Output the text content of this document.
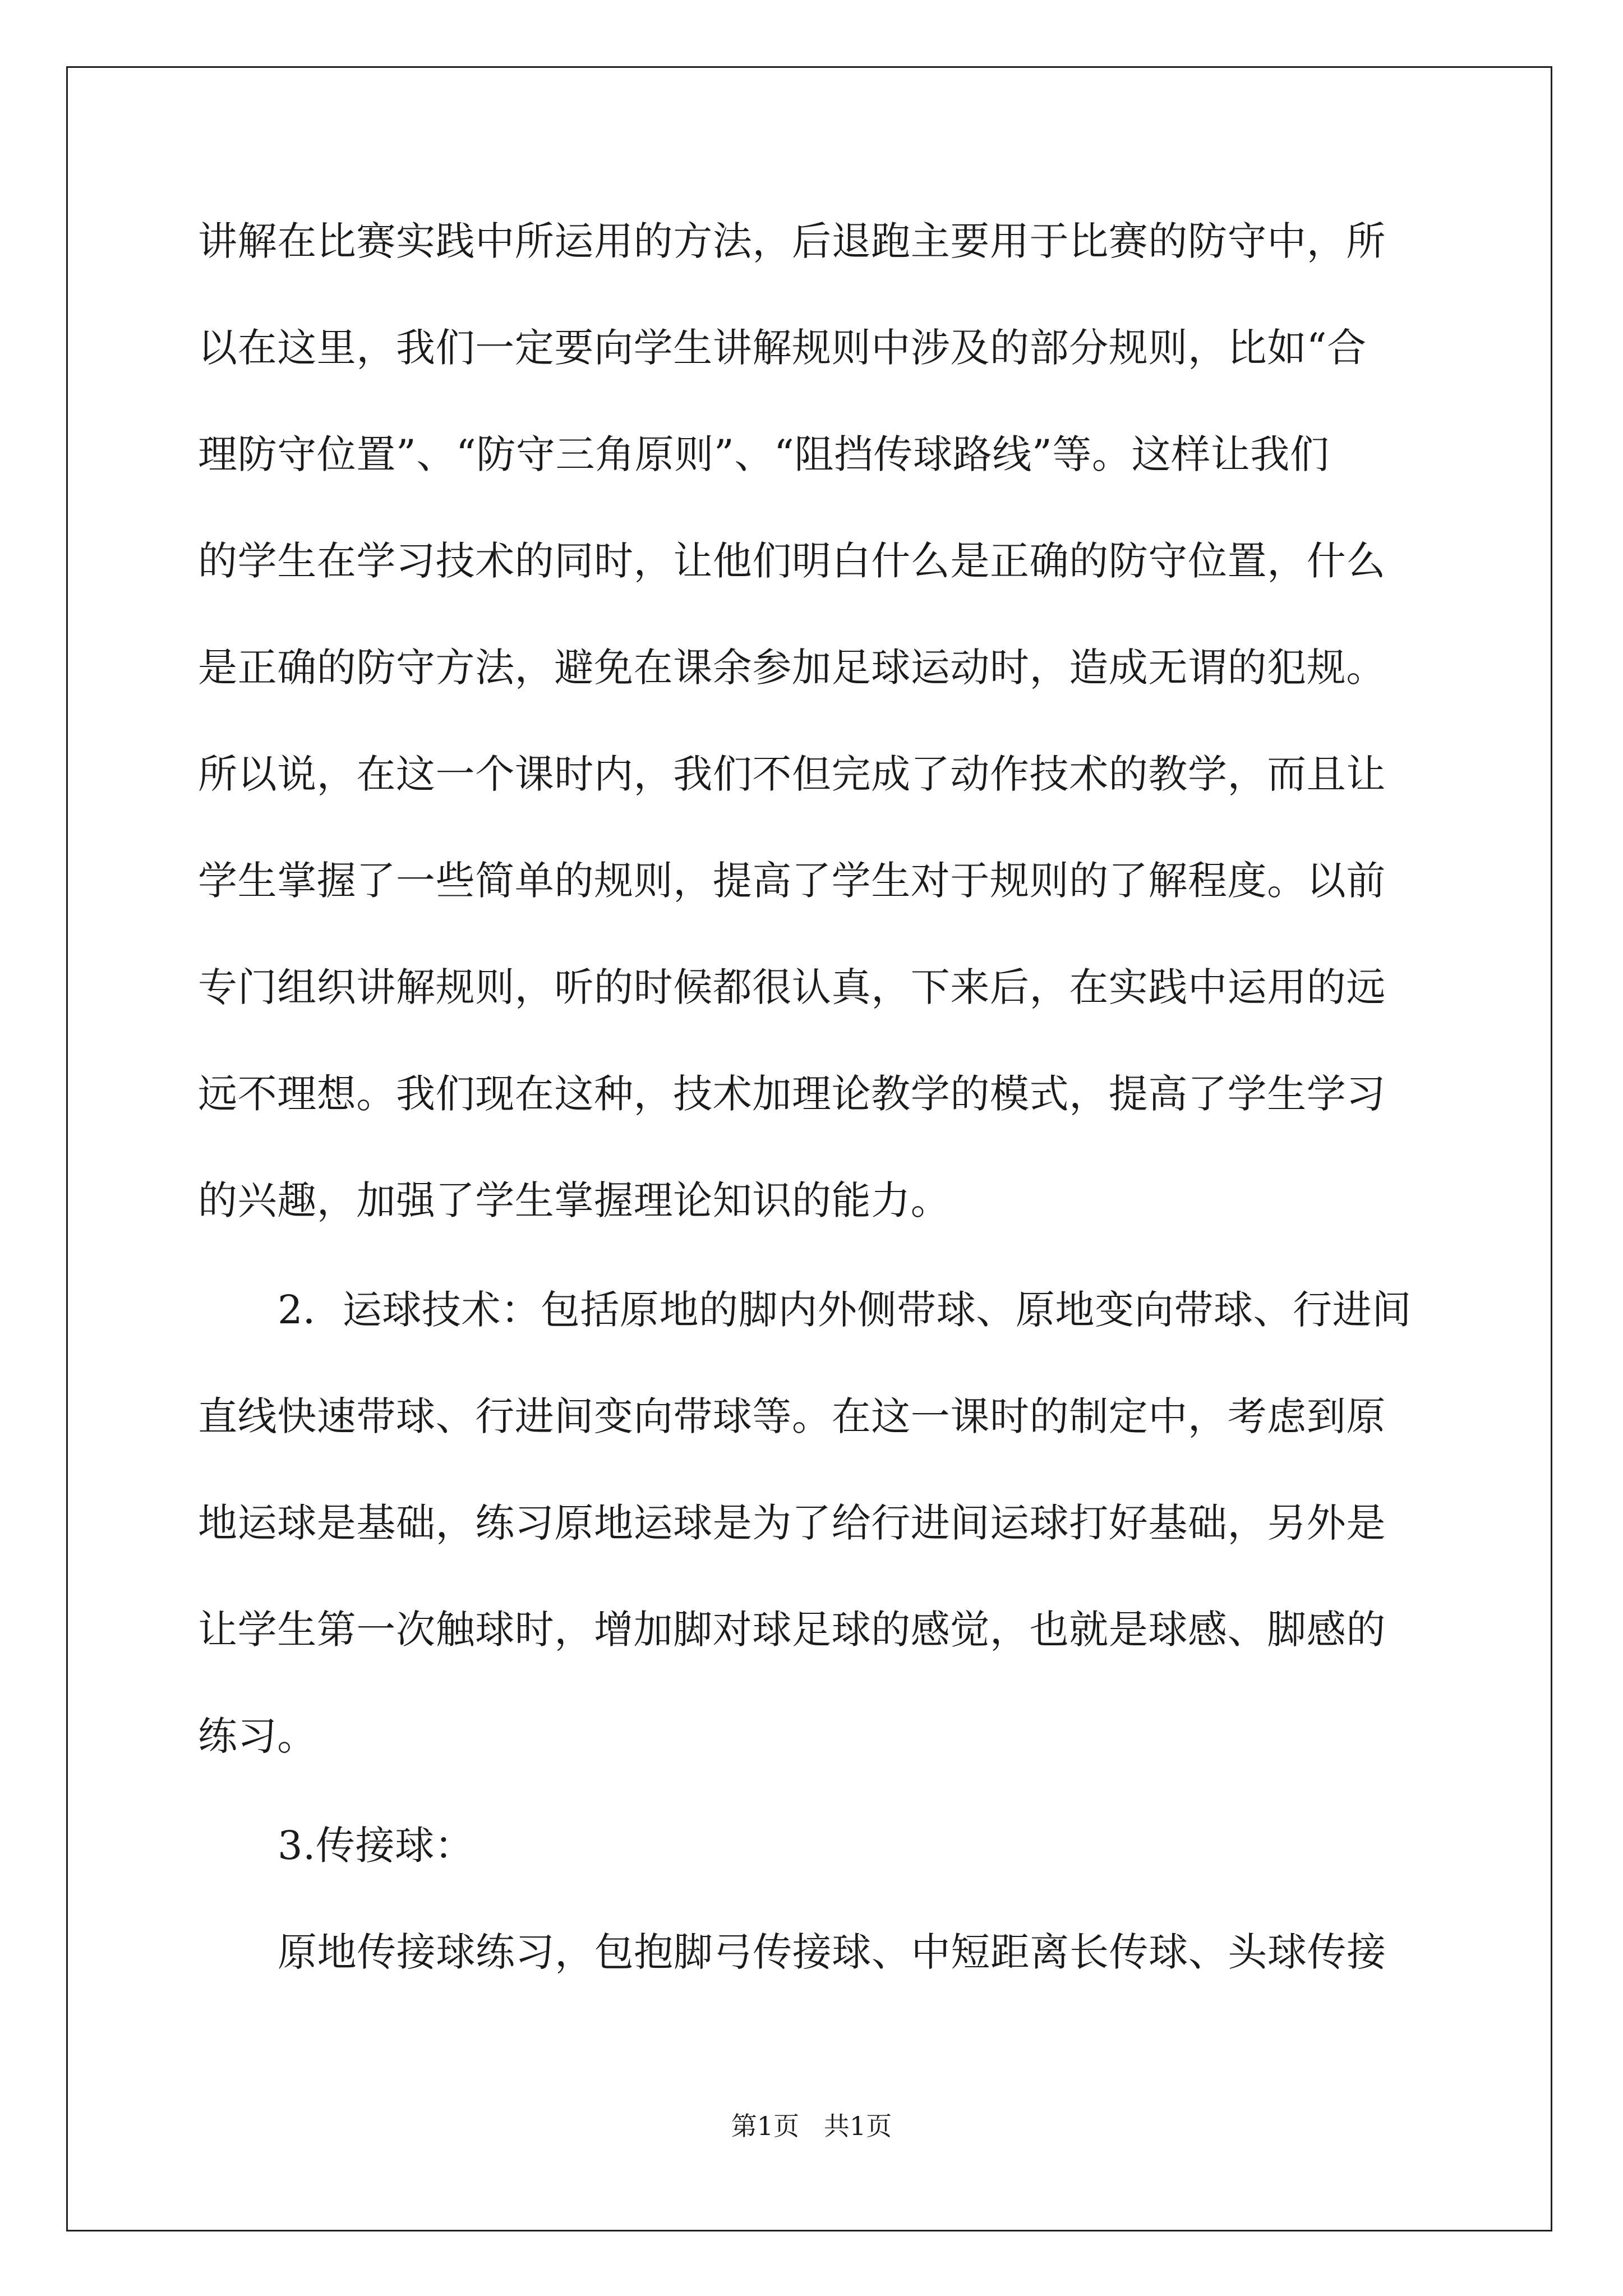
讲解在比赛实践中所运用的方法，后退跑主要用于比赛的防守中，所
以在这里，我们一定要向学生讲解规则中涉及的部分规则，比如“合
理防守位置”、“防守三角原则”、“阻挡传球路线”等。这样让我们
的学生在学习技术的同时，让他们明白什么是正确的防守位置，什么
是正确的防守方法，避免在课余参加足球运动时，造成无谓的犯规。
所以说，在这一个课时内，我们不但完成了动作技术的教学，而且让
学生掌握了一些简单的规则，提高了学生对于规则的了解程度。以前
专门组织讲解规则，听的时候都很认真，下来后，在实践中运用的远
远不理想。我们现在这种，技术加理论教学的模式，提高了学生学习
的兴趣，加强了学生掌握理论知识的能力。
2．运球技术：包括原地的脚内外侧带球、原地变向带球、行进间
直线快速带球、行进间变向带球等。在这一课时的制定中，考虑到原
地运球是基础，练习原地运球是为了给行进间运球打好基础，另外是
让学生第一次触球时，增加脚对球足球的感觉，也就是球感、脚感的
练习。
3.传接球：
原地传接球练习，包抱脚弓传接球、中短距离长传球、头球传接
第1页   共1页
